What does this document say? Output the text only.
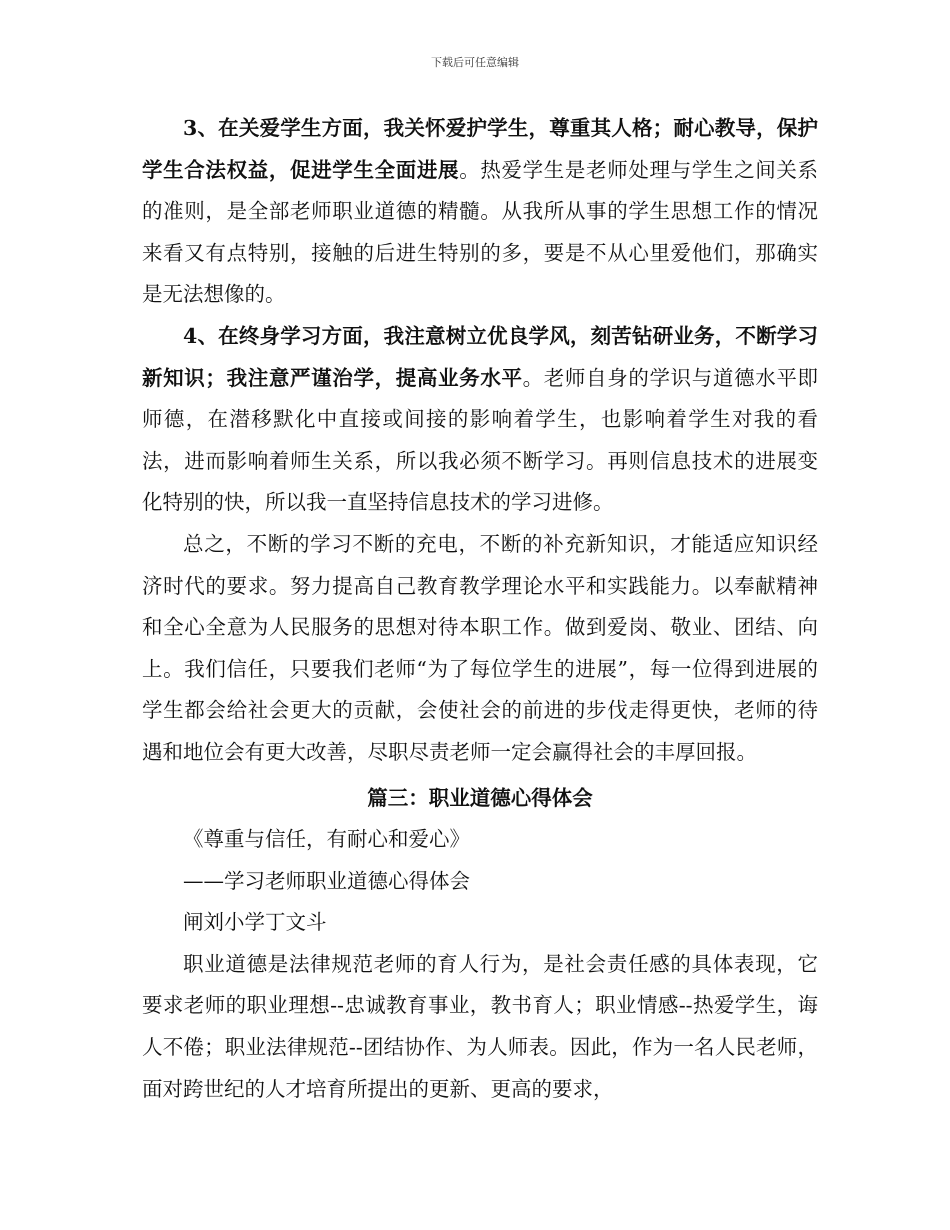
下载后可任意编辑

3、在关爱学生方面，我关怀爱护学生，尊重其人格；耐心教导，保护学生合法权益，促进学生全面进展。热爱学生是老师处理与学生之间关系的准则，是全部老师职业道德的精髓。从我所从事的学生思想工作的情况来看又有点特别，接触的后进生特别的多，要是不从心里爱他们，那确实是无法想像的。

4、在终身学习方面，我注意树立优良学风，刻苦钻研业务，不断学习新知识；我注意严谨治学，提高业务水平。老师自身的学识与道德水平即师德，在潜移默化中直接或间接的影响着学生，也影响着学生对我的看法，进而影响着师生关系，所以我必须不断学习。再则信息技术的进展变化特别的快，所以我一直坚持信息技术的学习进修。

总之，不断的学习不断的充电，不断的补充新知识，才能适应知识经济时代的要求。努力提高自己教育教学理论水平和实践能力。以奉献精神和全心全意为人民服务的思想对待本职工作。做到爱岗、敬业、团结、向上。我们信任，只要我们老师“为了每位学生的进展”，每一位得到进展的学生都会给社会更大的贡献，会使社会的前进的步伐走得更快，老师的待遇和地位会有更大改善，尽职尽责老师一定会赢得社会的丰厚回报。

篇三：职业道德心得体会

《尊重与信任，有耐心和爱心》

——学习老师职业道德心得体会

闸刘小学丁文斗

职业道德是法律规范老师的育人行为，是社会责任感的具体表现，它要求老师的职业理想--忠诚教育事业，教书育人；职业情感--热爱学生，诲人不倦；职业法律规范--团结协作、为人师表。因此，作为一名人民老师，面对跨世纪的人才培育所提出的更新、更高的要求，
